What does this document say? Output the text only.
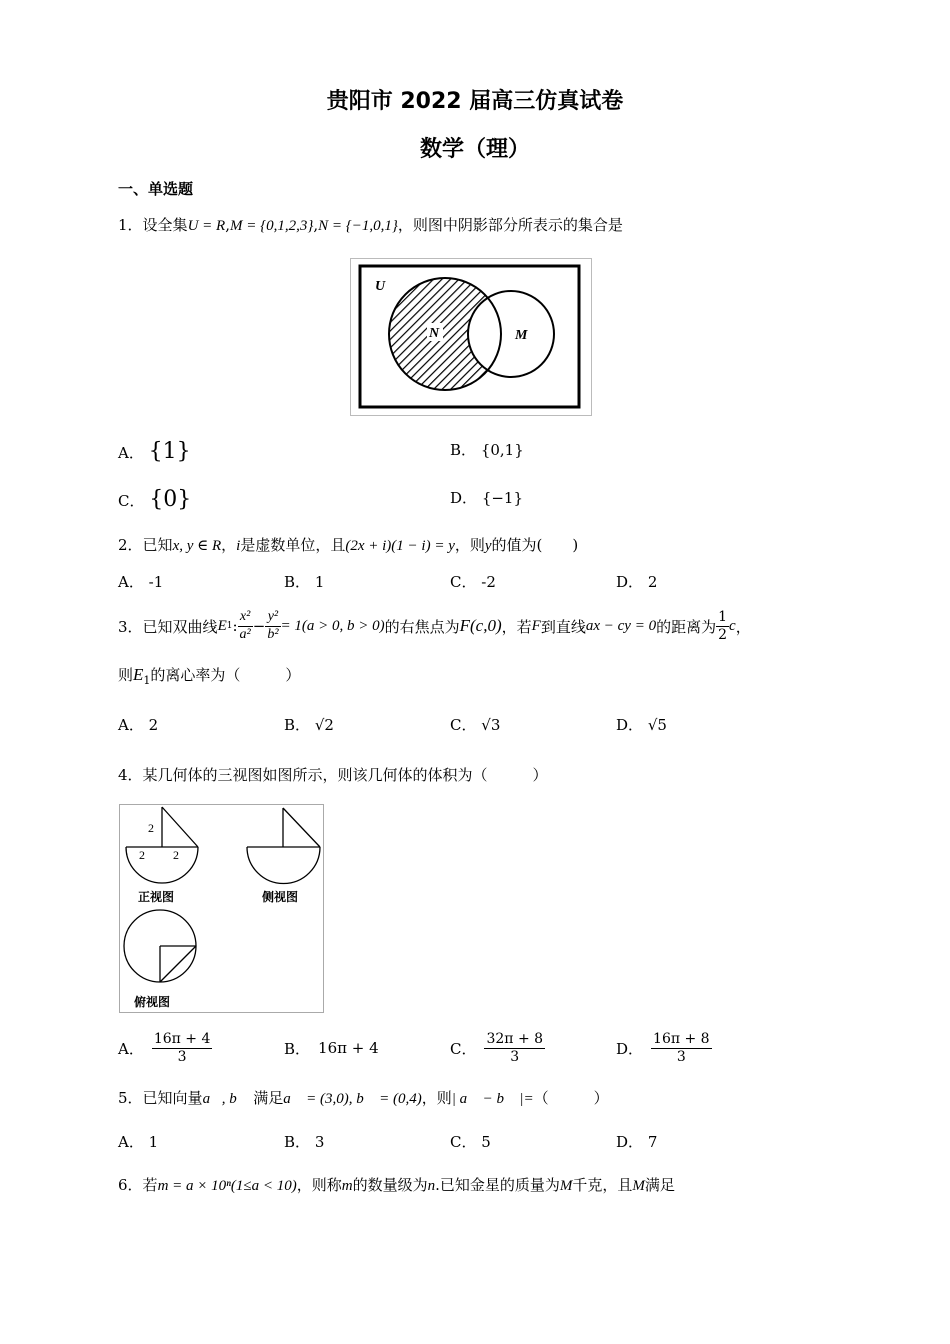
贵阳市 2022 届高三仿真试卷
数学（理）
一、单选题
1．设全集U = R,M = {0,1,2,3},N = {−1,0,1}，则图中阴影部分所表示的集合是
U
N	M
A． {1}	B． {0,1}
C． {0}	D． {−1}
2．已知x, y ∈ R，i是虚数单位，且(2x + i)(1 − i) = y，则y的值为(　　)
A． -1	B． 1	C． -2	D． 2
3． 已知双曲线 E 1 : $\frac{\text{x²}}{\text{a²}} - \frac{\text{y²}}{\text{b²}} = 1(a > 0$, b > 0) 的右焦点为 F(c,0) ，若 F 到直线 ax − cy = 0 的距离为 $\frac{1}{2}$ c ，
则$E_1$的离心率为（　　　）
A． 2	B． √2	C． √3	D． √5
4．某几何体的三视图如图所示，则该几何体的体积为（　　　）
2
2 2
正视图	侧视图
俯视图
A． $\frac{16\pi + 4}{3}$	B． 16π + 4	C． $\frac{32\pi + 8}{3}$	D． $\frac{16\pi + 8}{3}$
5．已知向量a⃗, b⃗ 满足a⃗ = (3,0), b⃗ = (0,4)，则| a⃗ − b⃗ |=（　　　）
A． 1	B． 3	C． 5	D． 7
6．若m = a × 10ⁿ(1≤a < 10)，则称m的数量级为n.已知金星的质量为M千克，且M满足
